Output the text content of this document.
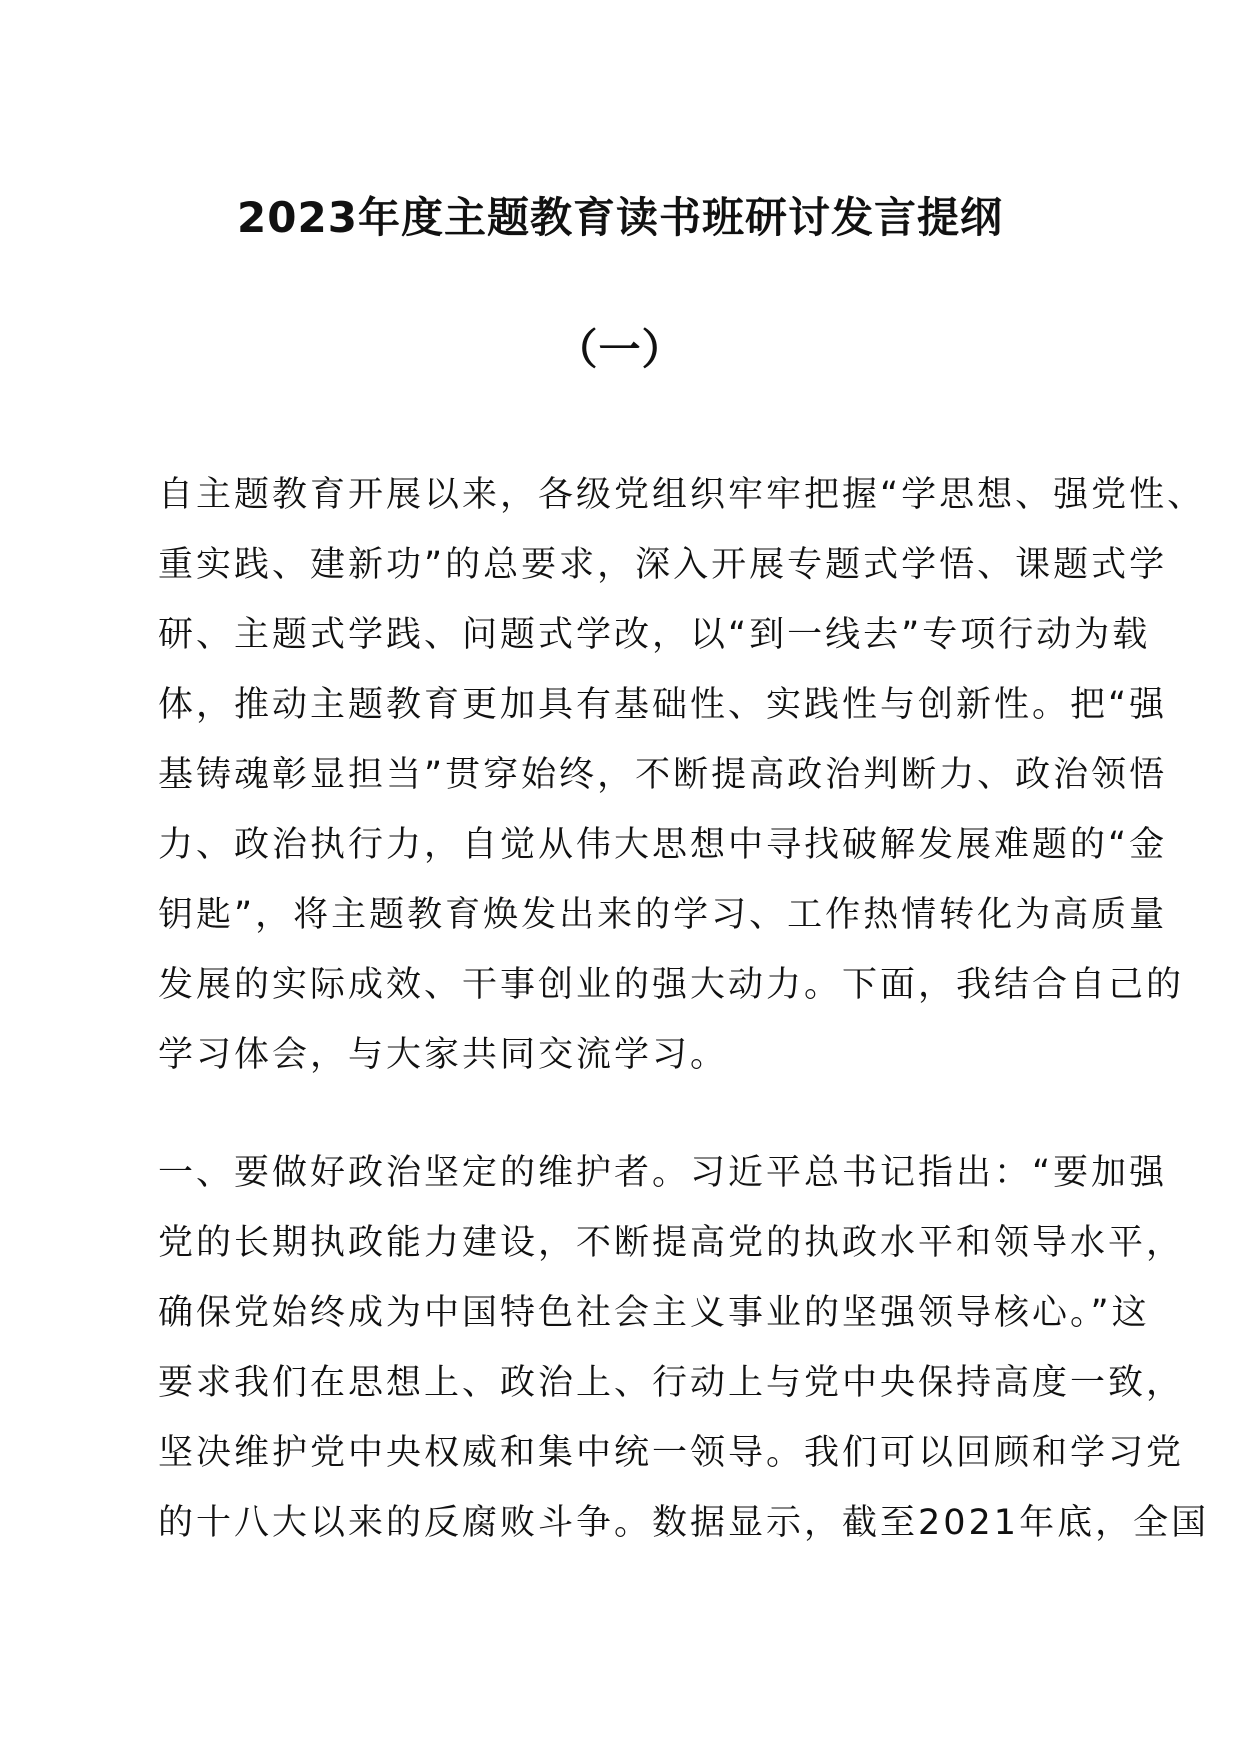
2023年度主题教育读书班研讨发言提纲
（一）
自主题教育开展以来，各级党组织牢牢把握“学思想、强党性、
重实践、建新功”的总要求，深入开展专题式学悟、课题式学
研、主题式学践、问题式学改，以“到一线去”专项行动为载
体，推动主题教育更加具有基础性、实践性与创新性。把“强
基铸魂彰显担当”贯穿始终，不断提高政治判断力、政治领悟
力、政治执行力，自觉从伟大思想中寻找破解发展难题的“金
钥匙”，将主题教育焕发出来的学习、工作热情转化为高质量
发展的实际成效、干事创业的强大动力。下面，我结合自己的
学习体会，与大家共同交流学习。
一、要做好政治坚定的维护者。习近平总书记指出：“要加强
党的长期执政能力建设，不断提高党的执政水平和领导水平，
确保党始终成为中国特色社会主义事业的坚强领导核心。”这
要求我们在思想上、政治上、行动上与党中央保持高度一致，
坚决维护党中央权威和集中统一领导。我们可以回顾和学习党
的十八大以来的反腐败斗争。数据显示，截至2021年底，全国
